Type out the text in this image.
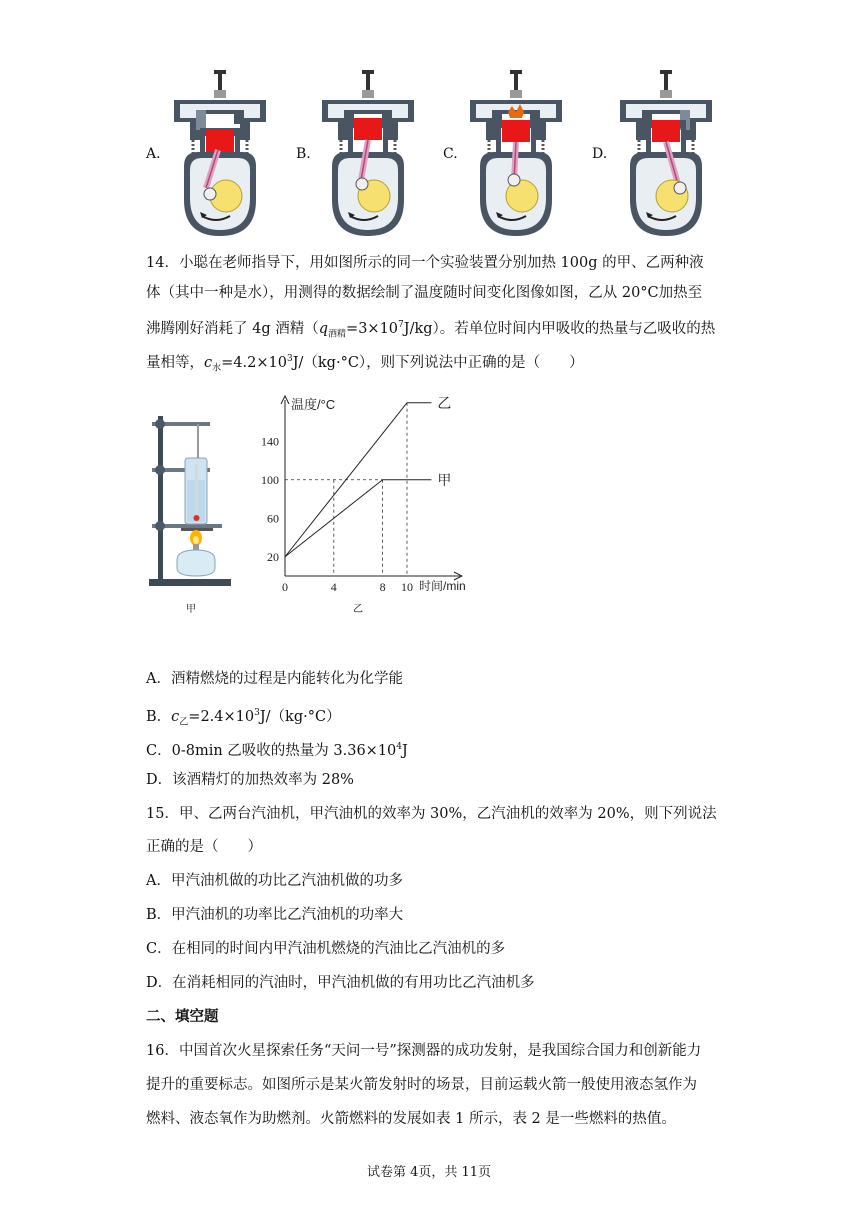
A.	B.	C.	D.
14．小聪在老师指导下，用如图所示的同一个实验装置分别加热 100g 的甲、乙两种液
体（其中一种是水），用测得的数据绘制了温度随时间变化图像如图，乙从 20°C加热至
沸腾刚好消耗了 4g 酒精$(q_{酒精}=3\times 10^7J/kg)$。若单位时间内甲吸收的热量与乙吸收的热
量相等，$c_水=4.2\times 10^3J/(kg\cdot^\circ C)$，则下列说法中正确的是（　　）
甲
乙
甲
20
60
100
140
0	4	8 10
温度/°C
时间/min
乙
A．酒精燃烧的过程是内能转化为化学能
B．$c_乙=2.4\times 10^3J/(kg\cdot^\circ C)$
C．0-8min 乙吸收的热量为 $3.36\times 10^4J$
D．该酒精灯的加热效率为 28%
15．甲、乙两台汽油机，甲汽油机的效率为 30%，乙汽油机的效率为 20%，则下列说法
正确的是（　　）
A．甲汽油机做的功比乙汽油机做的功多
B．甲汽油机的功率比乙汽油机的功率大
C．在相同的时间内甲汽油机燃烧的汽油比乙汽油机的多
D．在消耗相同的汽油时，甲汽油机做的有用功比乙汽油机多
二、填空题
16．中国首次火星探索任务“天问一号”探测器的成功发射，是我国综合国力和创新能力
提升的重要标志。如图所示是某火箭发射时的场景，目前运载火箭一般使用液态氢作为
燃料、液态氧作为助燃剂。火箭燃料的发展如表 1 所示，表 2 是一些燃料的热值。
试卷第 4页，共 11页
